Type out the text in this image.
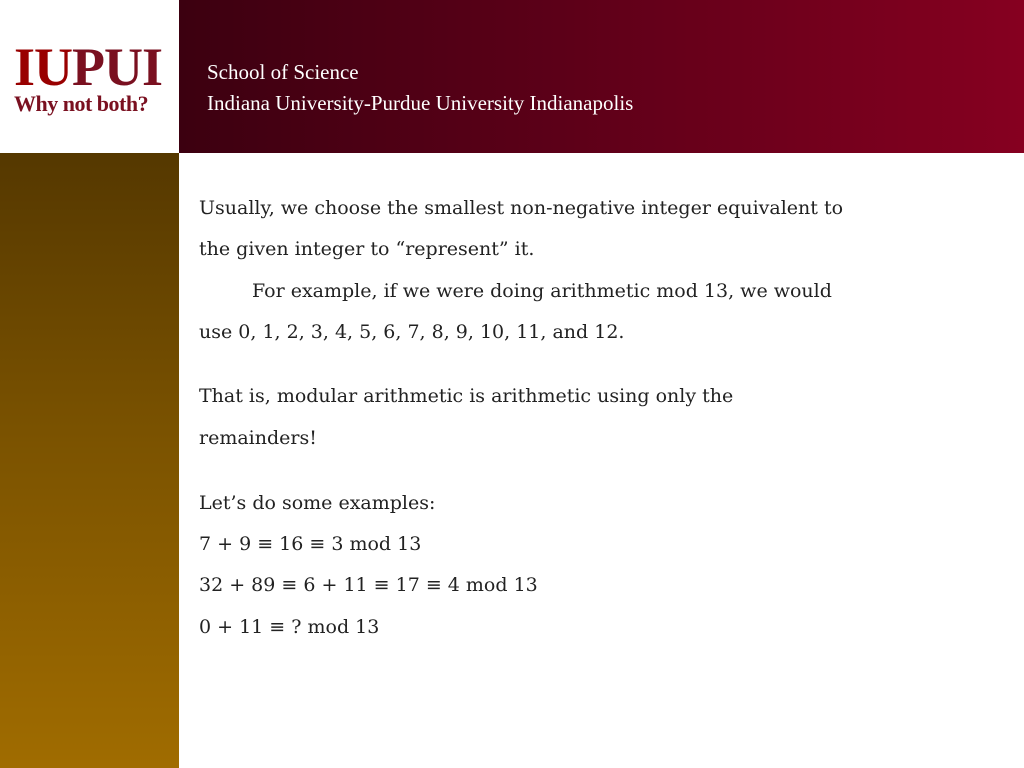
IUPUI
Why not both?
School of Science
Indiana University-Purdue University Indianapolis
Usually, we choose the smallest non-negative integer equivalent to
the given integer to “represent” it.
For example, if we were doing arithmetic mod 13, we would
use 0, 1, 2, 3, 4, 5, 6, 7, 8, 9, 10, 11, and 12.
That is, modular arithmetic is arithmetic using only the
remainders!
Let’s do some examples:
7 + 9 ≡ 16 ≡ 3 mod 13
32 + 89 ≡ 6 + 11 ≡ 17 ≡ 4 mod 13
0 + 11 ≡ ? mod 13
